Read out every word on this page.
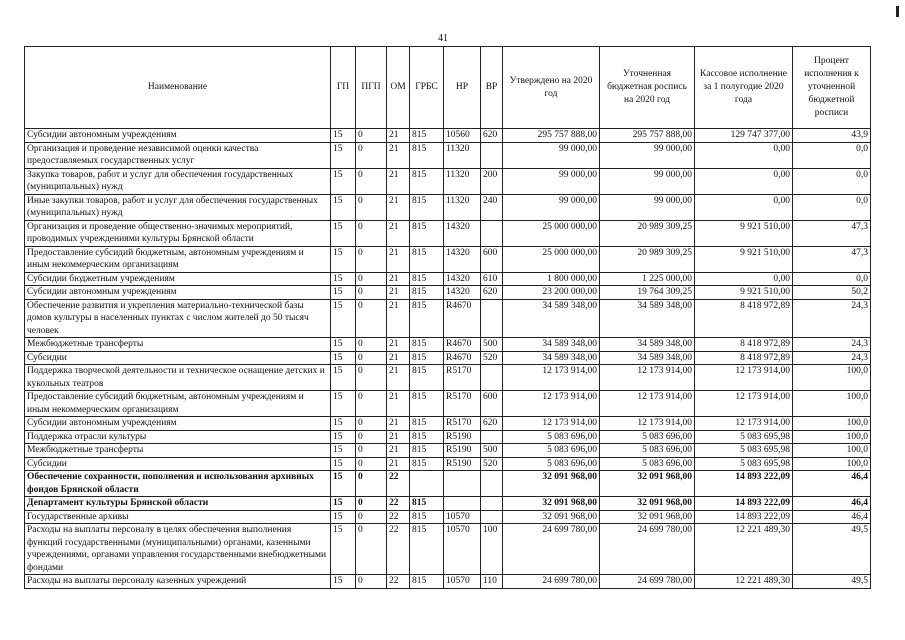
41
Наименование	ГП	ПГП	ОМ	ГРБС	НР	ВР	Утверждено на 2020 год	Уточненная бюджетная роспись на 2020 год	Кассовое исполнение за 1 полугодие 2020 года	Процент исполнения к уточненной бюджетной росписи
Субсидии автономным учреждениям	15	0	21	815	10560	620	295 757 888,00	295 757 888,00	129 747 377,00	43,9
Организация и проведение независимой оценки качества предоставляемых государственных услуг	15	0	21	815	11320		99 000,00	99 000,00	0,00	0,0
Закупка товаров, работ и услуг для обеспечения государственных (муниципальных) нужд	15	0	21	815	11320	200	99 000,00	99 000,00	0,00	0,0
Иные закупки товаров, работ и услуг для обеспечения государственных (муниципальных) нужд	15	0	21	815	11320	240	99 000,00	99 000,00	0,00	0,0
Организация и проведение общественно-значимых мероприятий, проводимых учреждениями культуры Брянской области	15	0	21	815	14320		25 000 000,00	20 989 309,25	9 921 510,00	47,3
Предоставление субсидий бюджетным, автономным учреждениям и иным некоммерческим организациям	15	0	21	815	14320	600	25 000 000,00	20 989 309,25	9 921 510,00	47,3
Субсидии бюджетным учреждениям	15	0	21	815	14320	610	1 800 000,00	1 225 000,00	0,00	0,0
Субсидии автономным учреждениям	15	0	21	815	14320	620	23 200 000,00	19 764 309,25	9 921 510,00	50,2
Обеспечение развития и укрепления материально-технической базы домов культуры в населенных пунктах с числом жителей до 50 тысяч человек	15	0	21	815	R4670		34 589 348,00	34 589 348,00	8 418 972,89	24,3
Межбюджетные трансферты	15	0	21	815	R4670	500	34 589 348,00	34 589 348,00	8 418 972,89	24,3
Субсидии	15	0	21	815	R4670	520	34 589 348,00	34 589 348,00	8 418 972,89	24,3
Поддержка творческой деятельности и техническое оснащение детских и кукольных театров	15	0	21	815	R5170		12 173 914,00	12 173 914,00	12 173 914,00	100,0
Предоставление субсидий бюджетным, автономным учреждениям и иным некоммерческим организациям	15	0	21	815	R5170	600	12 173 914,00	12 173 914,00	12 173 914,00	100,0
Субсидии автономным учреждениям	15	0	21	815	R5170	620	12 173 914,00	12 173 914,00	12 173 914,00	100,0
Поддержка отрасли культуры	15	0	21	815	R5190		5 083 696,00	5 083 696,00	5 083 695,98	100,0
Межбюджетные трансферты	15	0	21	815	R5190	500	5 083 696,00	5 083 696,00	5 083 695,98	100,0
Субсидии	15	0	21	815	R5190	520	5 083 696,00	5 083 696,00	5 083 695,98	100,0
Обеспечение сохранности, пополнения и использования архивных фондов Брянской области	15	0	22				32 091 968,00	32 091 968,00	14 893 222,09	46,4
Департамент культуры Брянской области	15	0	22	815			32 091 968,00	32 091 968,00	14 893 222,09	46,4
Государственные архивы	15	0	22	815	10570		32 091 968,00	32 091 968,00	14 893 222,09	46,4
Расходы на выплаты персоналу в целях обеспечения выполнения функций государственными (муниципальными) органами, казенными учреждениями, органами управления государственными внебюджетными фондами	15	0	22	815	10570	100	24 699 780,00	24 699 780,00	12 221 489,30	49,5
Расходы на выплаты персоналу казенных учреждений	15	0	22	815	10570	110	24 699 780,00	24 699 780,00	12 221 489,30	49,5
